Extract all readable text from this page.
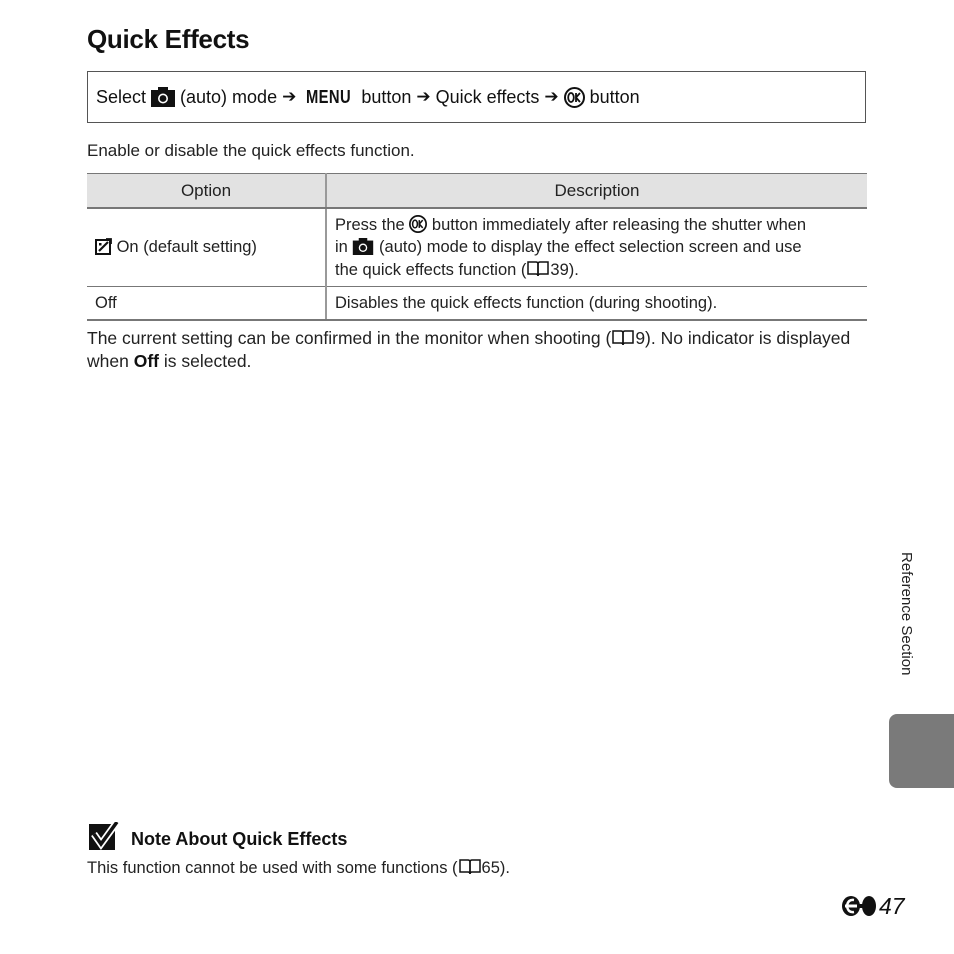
Quick Effects
Select (auto) mode ➔ MENU button ➔ Quick effects ➔ button
Enable or disable the quick effects function.
Option	Description
On (default setting)	Press the button immediately after releasing the shutter when
in (auto) mode to display the effect selection screen and use
the quick effects function ( 39).

Off	Disables the quick effects function (during shooting).
The current setting can be confirmed in the monitor when shooting ( 9). No indicator is displayed when Off is selected.
Reference Section
Note About Quick Effects
This function cannot be used with some functions ( 65).
47
